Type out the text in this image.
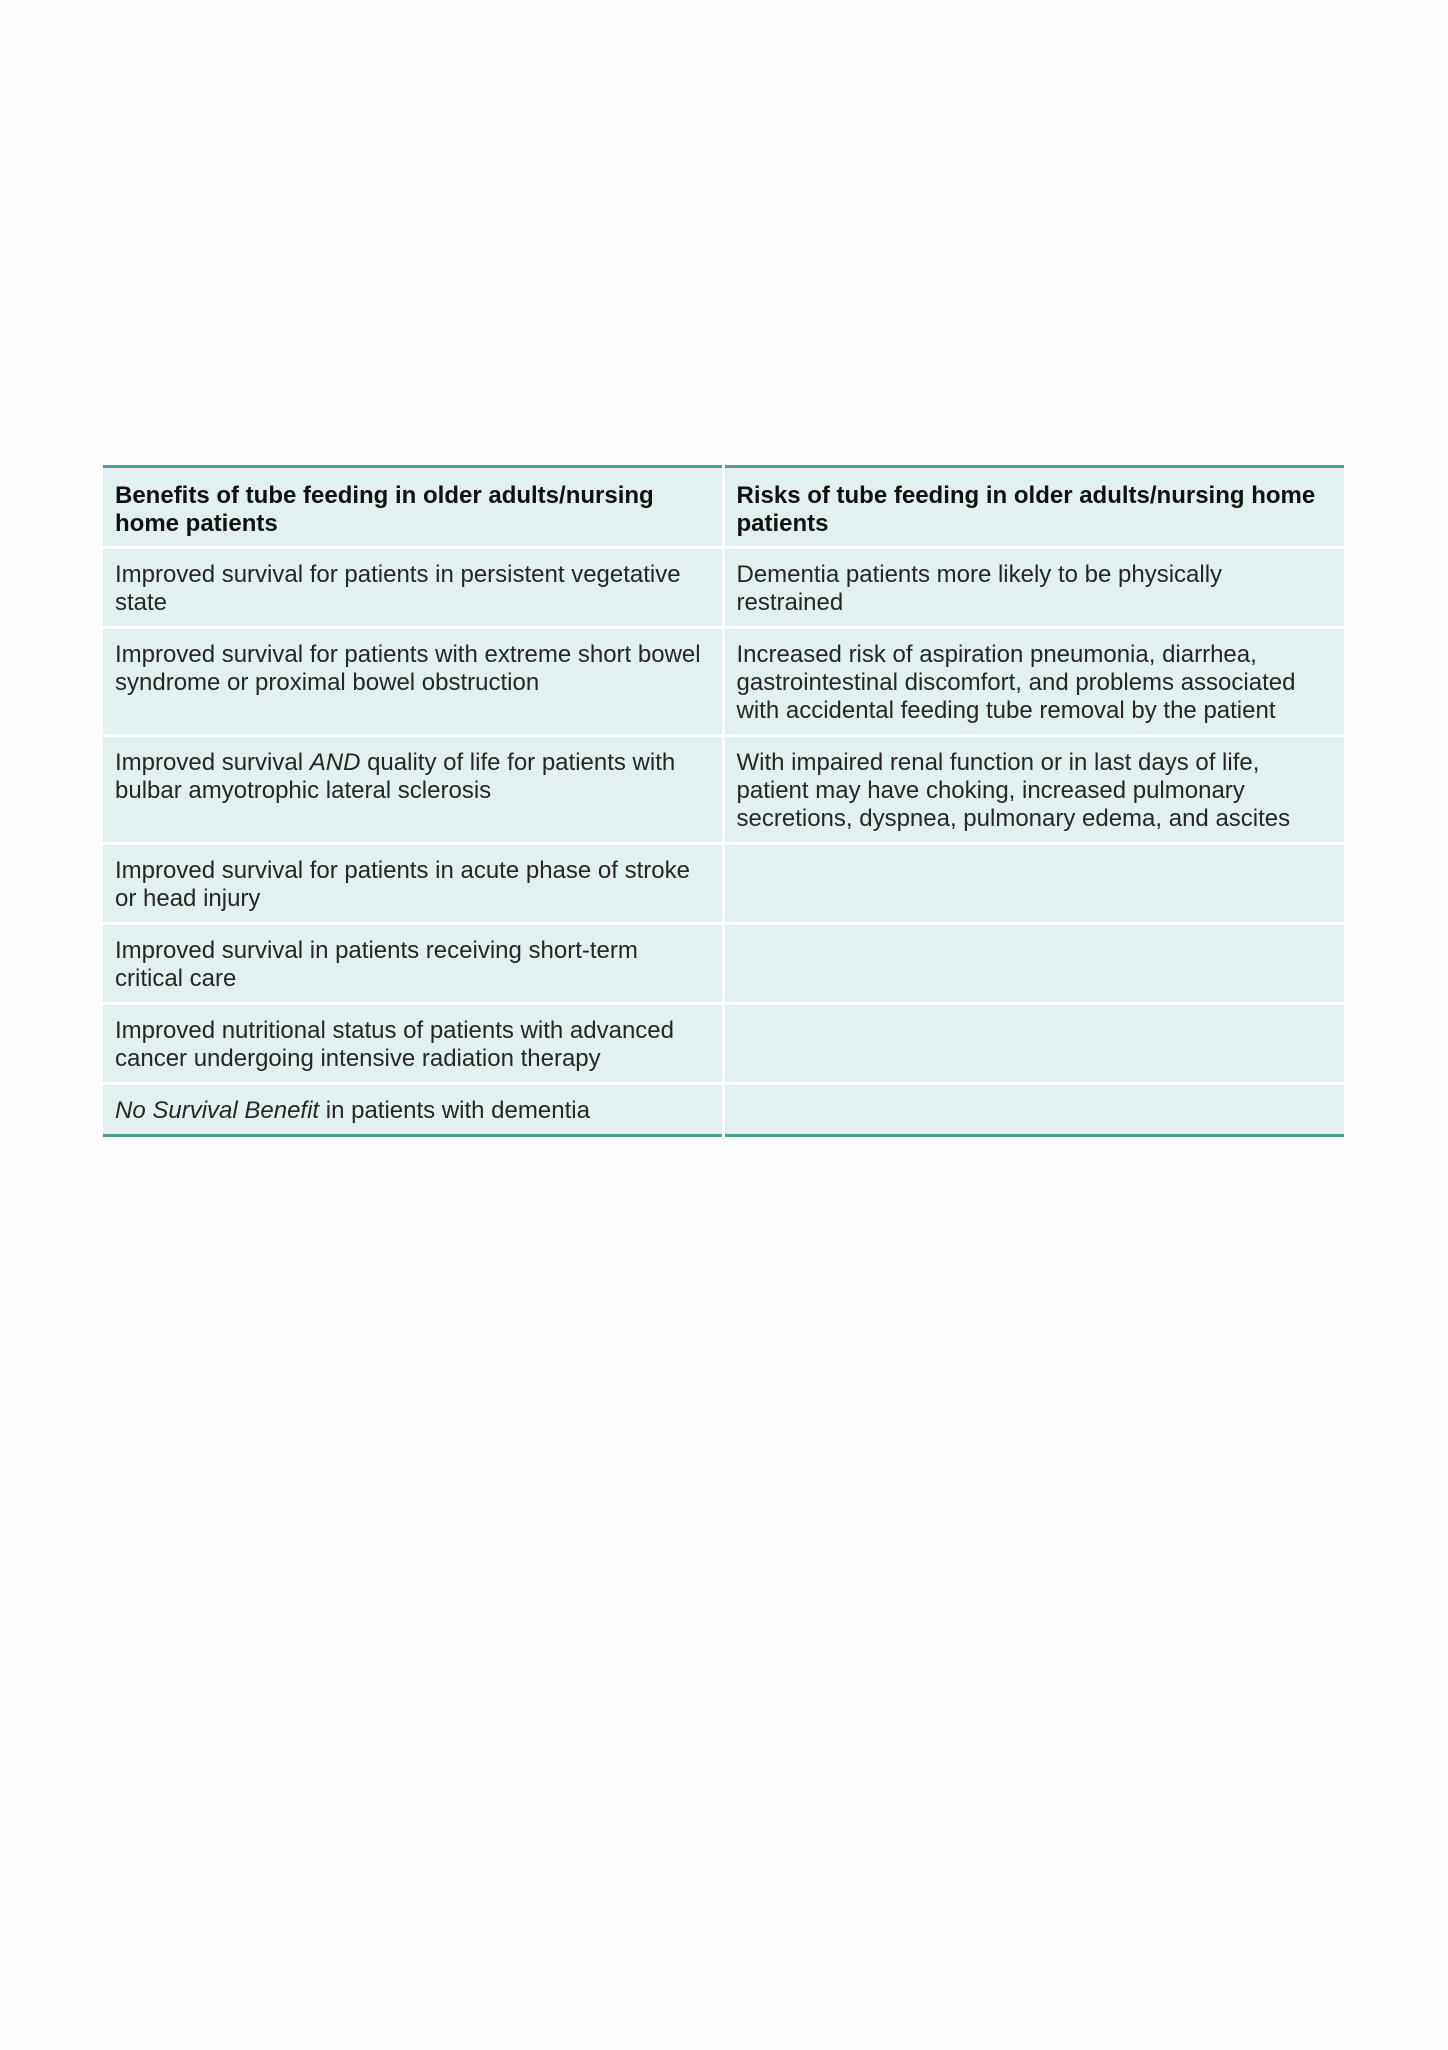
Benefits of tube feeding in older adults/nursing home patients	Risks of tube feeding in older adults/nursing home patients
Improved survival for patients in persistent vegetative state	Dementia patients more likely to be physically restrained
Improved survival for patients with extreme short bowel syndrome or proximal bowel obstruction	Increased risk of aspiration pneumonia, diarrhea, gastrointestinal discomfort, and problems associated with accidental feeding tube removal by the patient
Improved survival AND quality of life for patients with bulbar amyotrophic lateral sclerosis	With impaired renal function or in last days of life, patient may have choking, increased pulmonary secretions, dyspnea, pulmonary edema, and ascites
Improved survival for patients in acute phase of stroke or head injury	
Improved survival in patients receiving short-term critical care	
Improved nutritional status of patients with advanced cancer undergoing intensive radiation therapy	
No Survival Benefit in patients with dementia	
